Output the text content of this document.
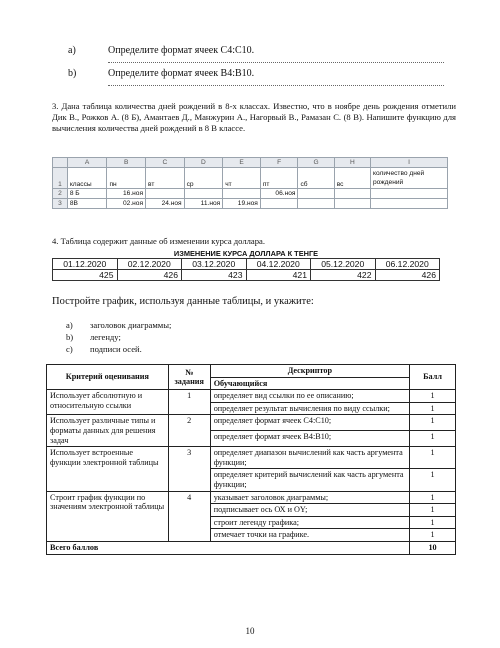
а)	Определите формат ячеек С4:С10.
b)	Определите формат ячеек В4:В10.
3. Дана таблица количества дней рождений в 8-х классах. Известно, что в ноябре день рождения отметили Дик В., Рожков А. (8 Б), Амантаев Д., Манжурин А., Нагорвый В., Рамазан С. (8 В). Напишите функцию для вычисления количества дней рождений в 8 В классе.
	A	B	C	D	E	F	G	H	I
1	классы	пн	вт	ср	чт	пт	сб	вс	количество дней рождений
2	8 Б	16.ноя				06.ноя			
3	8В	02.ноя	24.ноя	11.ноя	19.ноя				
4. Таблица содержит данные об изменении курса доллара.
ИЗМЕНЕНИЕ КУРСА ДОЛЛАРА К ТЕНГЕ					
01.12.2020	02.12.2020	03.12.2020	04.12.2020	05.12.2020	06.12.2020
425	426	423	421	422	426
Постройте график, используя данные таблицы, и укажите:
a) заголовок диаграммы;
b) легенду;
c) подписи осей.
Критерий оценивания	№ задания	Дескриптор	Балл
		Обучающийся	
Использует абсолютную и относительную ссылки	1	определяет вид ссылки по ее описанию;	1
		определяет результат вычисления по виду ссылки;	1
Использует различные типы и форматы данных для решения задач	2	определяет формат ячеек С4:С10;	1
		определяет формат ячеек В4:В10;	1
Использует встроенные функции электронной таблицы	3	определяет диапазон вычислений как часть аргумента функции;	1
		определяет критерий вычислений как часть аргумента функции;	1
Строит график функции по значениям электронной таблицы	4	указывает заголовок диаграммы;	1
		подписывает ось ОХ и ОY;	1
		строит легенду графика;	1
		отмечает точки на графике.	1
Всего баллов			10
10
